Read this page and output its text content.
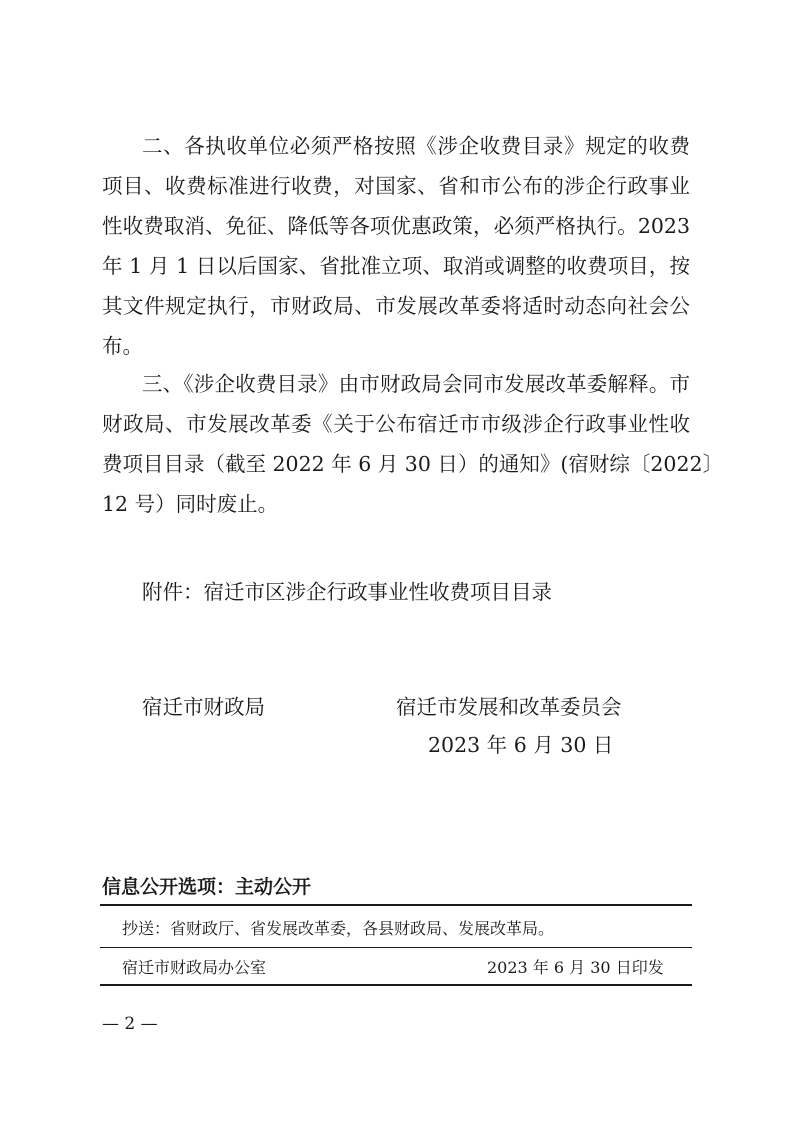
二、各执收单位必须严格按照《涉企收费目录》规定的收费
项目、收费标准进行收费，对国家、省和市公布的涉企行政事业
性收费取消、免征、降低等各项优惠政策，必须严格执行。2023
年 1 月 1 日以后国家、省批准立项、取消或调整的收费项目，按
其文件规定执行，市财政局、市发展改革委将适时动态向社会公
布。
三、《涉企收费目录》由市财政局会同市发展改革委解释。市
财政局、市发展改革委《关于公布宿迁市市级涉企行政事业性收
费项目目录（截至 2022 年 6 月 30 日）的通知》(宿财综〔2022〕
12 号）同时废止。
附件：宿迁市区涉企行政事业性收费项目目录
宿迁市财政局	宿迁市发展和改革委员会
2023 年 6 月 30 日
信息公开选项：主动公开
抄送：省财政厅、省发展改革委，各县财政局、发展改革局。
宿迁市财政局办公室	2023 年 6 月 30 日印发
— 2 —
